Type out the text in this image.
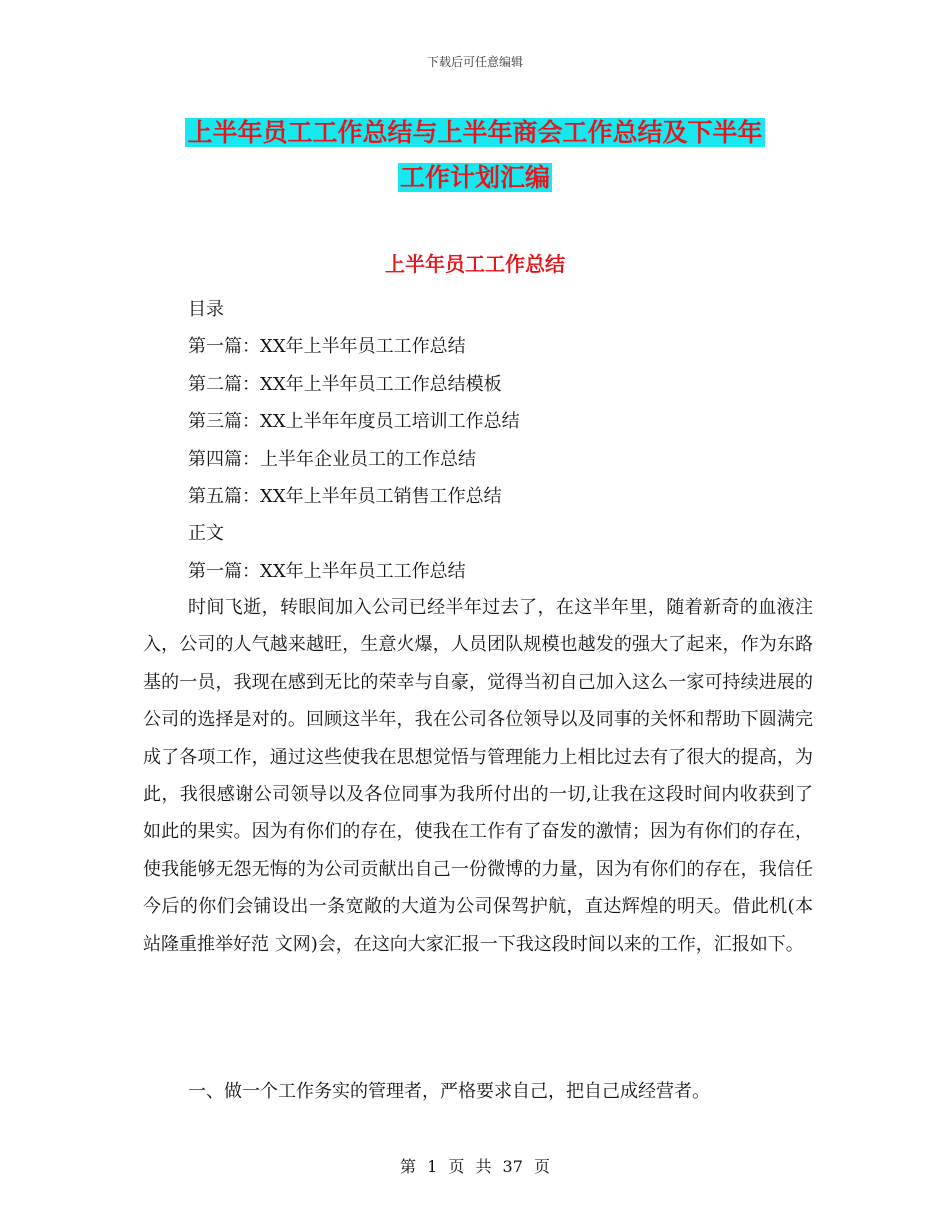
下载后可任意编辑
上半年员工工作总结与上半年商会工作总结及下半年
工作计划汇编
上半年员工工作总结
目录
第一篇：XX年上半年员工工作总结
第二篇：XX年上半年员工工作总结模板
第三篇：XX上半年年度员工培训工作总结
第四篇：上半年企业员工的工作总结
第五篇：XX年上半年员工销售工作总结
正文
第一篇：XX年上半年员工工作总结

时间飞逝，转眼间加入公司已经半年过去了，在这半年里，随着新奇的血液注入，公司的人气越来越旺，生意火爆，人员团队规模也越发的强大了起来，作为东路基的一员，我现在感到无比的荣幸与自豪，觉得当初自己加入这么一家可持续进展的公司的选择是对的。回顾这半年，我在公司各位领导以及同事的关怀和帮助下圆满完成了各项工作，通过这些使我在思想觉悟与管理能力上相比过去有了很大的提高，为此，我很感谢公司领导以及各位同事为我所付出的一切,让我在这段时间内收获到了如此的果实。因为有你们的存在，使我在工作有了奋发的激情；因为有你们的存在，使我能够无怨无悔的为公司贡献出自己一份微博的力量，因为有你们的存在，我信任今后的你们会铺设出一条宽敞的大道为公司保驾护航，直达辉煌的明天。借此机(本站隆重推举好范 文网)会，在这向大家汇报一下我这段时间以来的工作，汇报如下。

一、做一个工作务实的管理者，严格要求自己，把自己成经营者。

第 1 页 共 37 页
